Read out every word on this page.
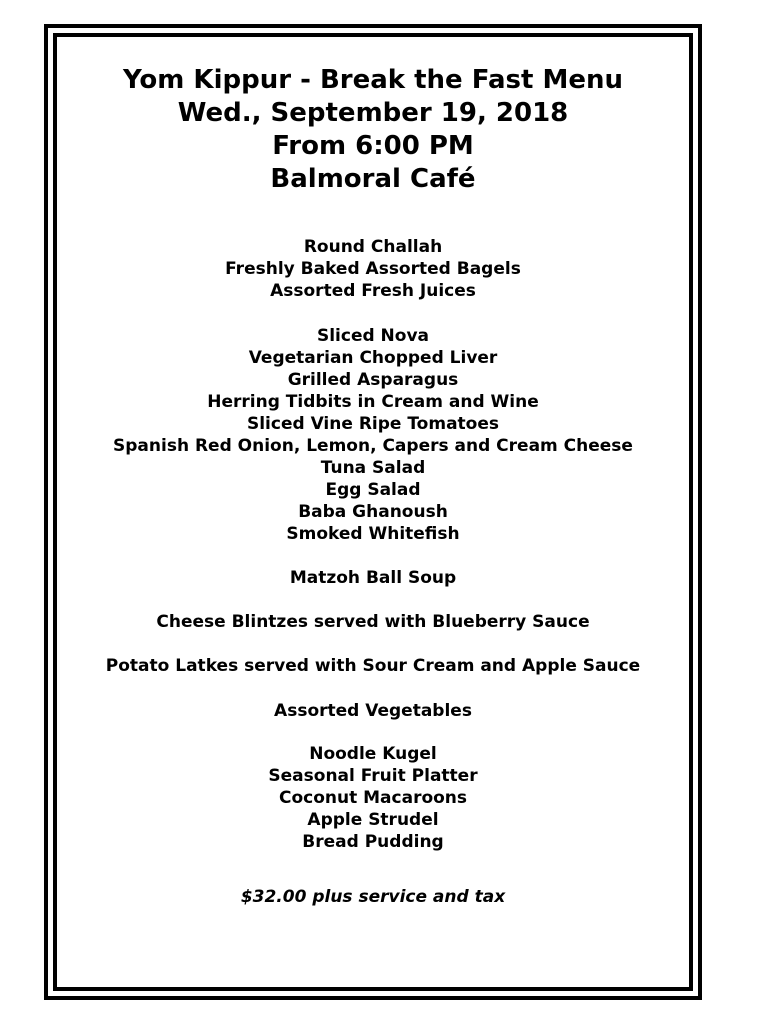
Yom Kippur - Break the Fast Menu
Wed., September 19, 2018
From 6:00 PM
Balmoral Café
Round Challah
Freshly Baked Assorted Bagels
Assorted Fresh Juices
Sliced Nova
Vegetarian Chopped Liver
Grilled Asparagus
Herring Tidbits in Cream and Wine
Sliced Vine Ripe Tomatoes
Spanish Red Onion, Lemon, Capers and Cream Cheese
Tuna Salad
Egg Salad
Baba Ghanoush
Smoked Whitefish
Matzoh Ball Soup
Cheese Blintzes served with Blueberry Sauce
Potato Latkes served with Sour Cream and Apple Sauce
Assorted Vegetables
Noodle Kugel
Seasonal Fruit Platter
Coconut Macaroons
Apple Strudel
Bread Pudding
$32.00 plus service and tax
